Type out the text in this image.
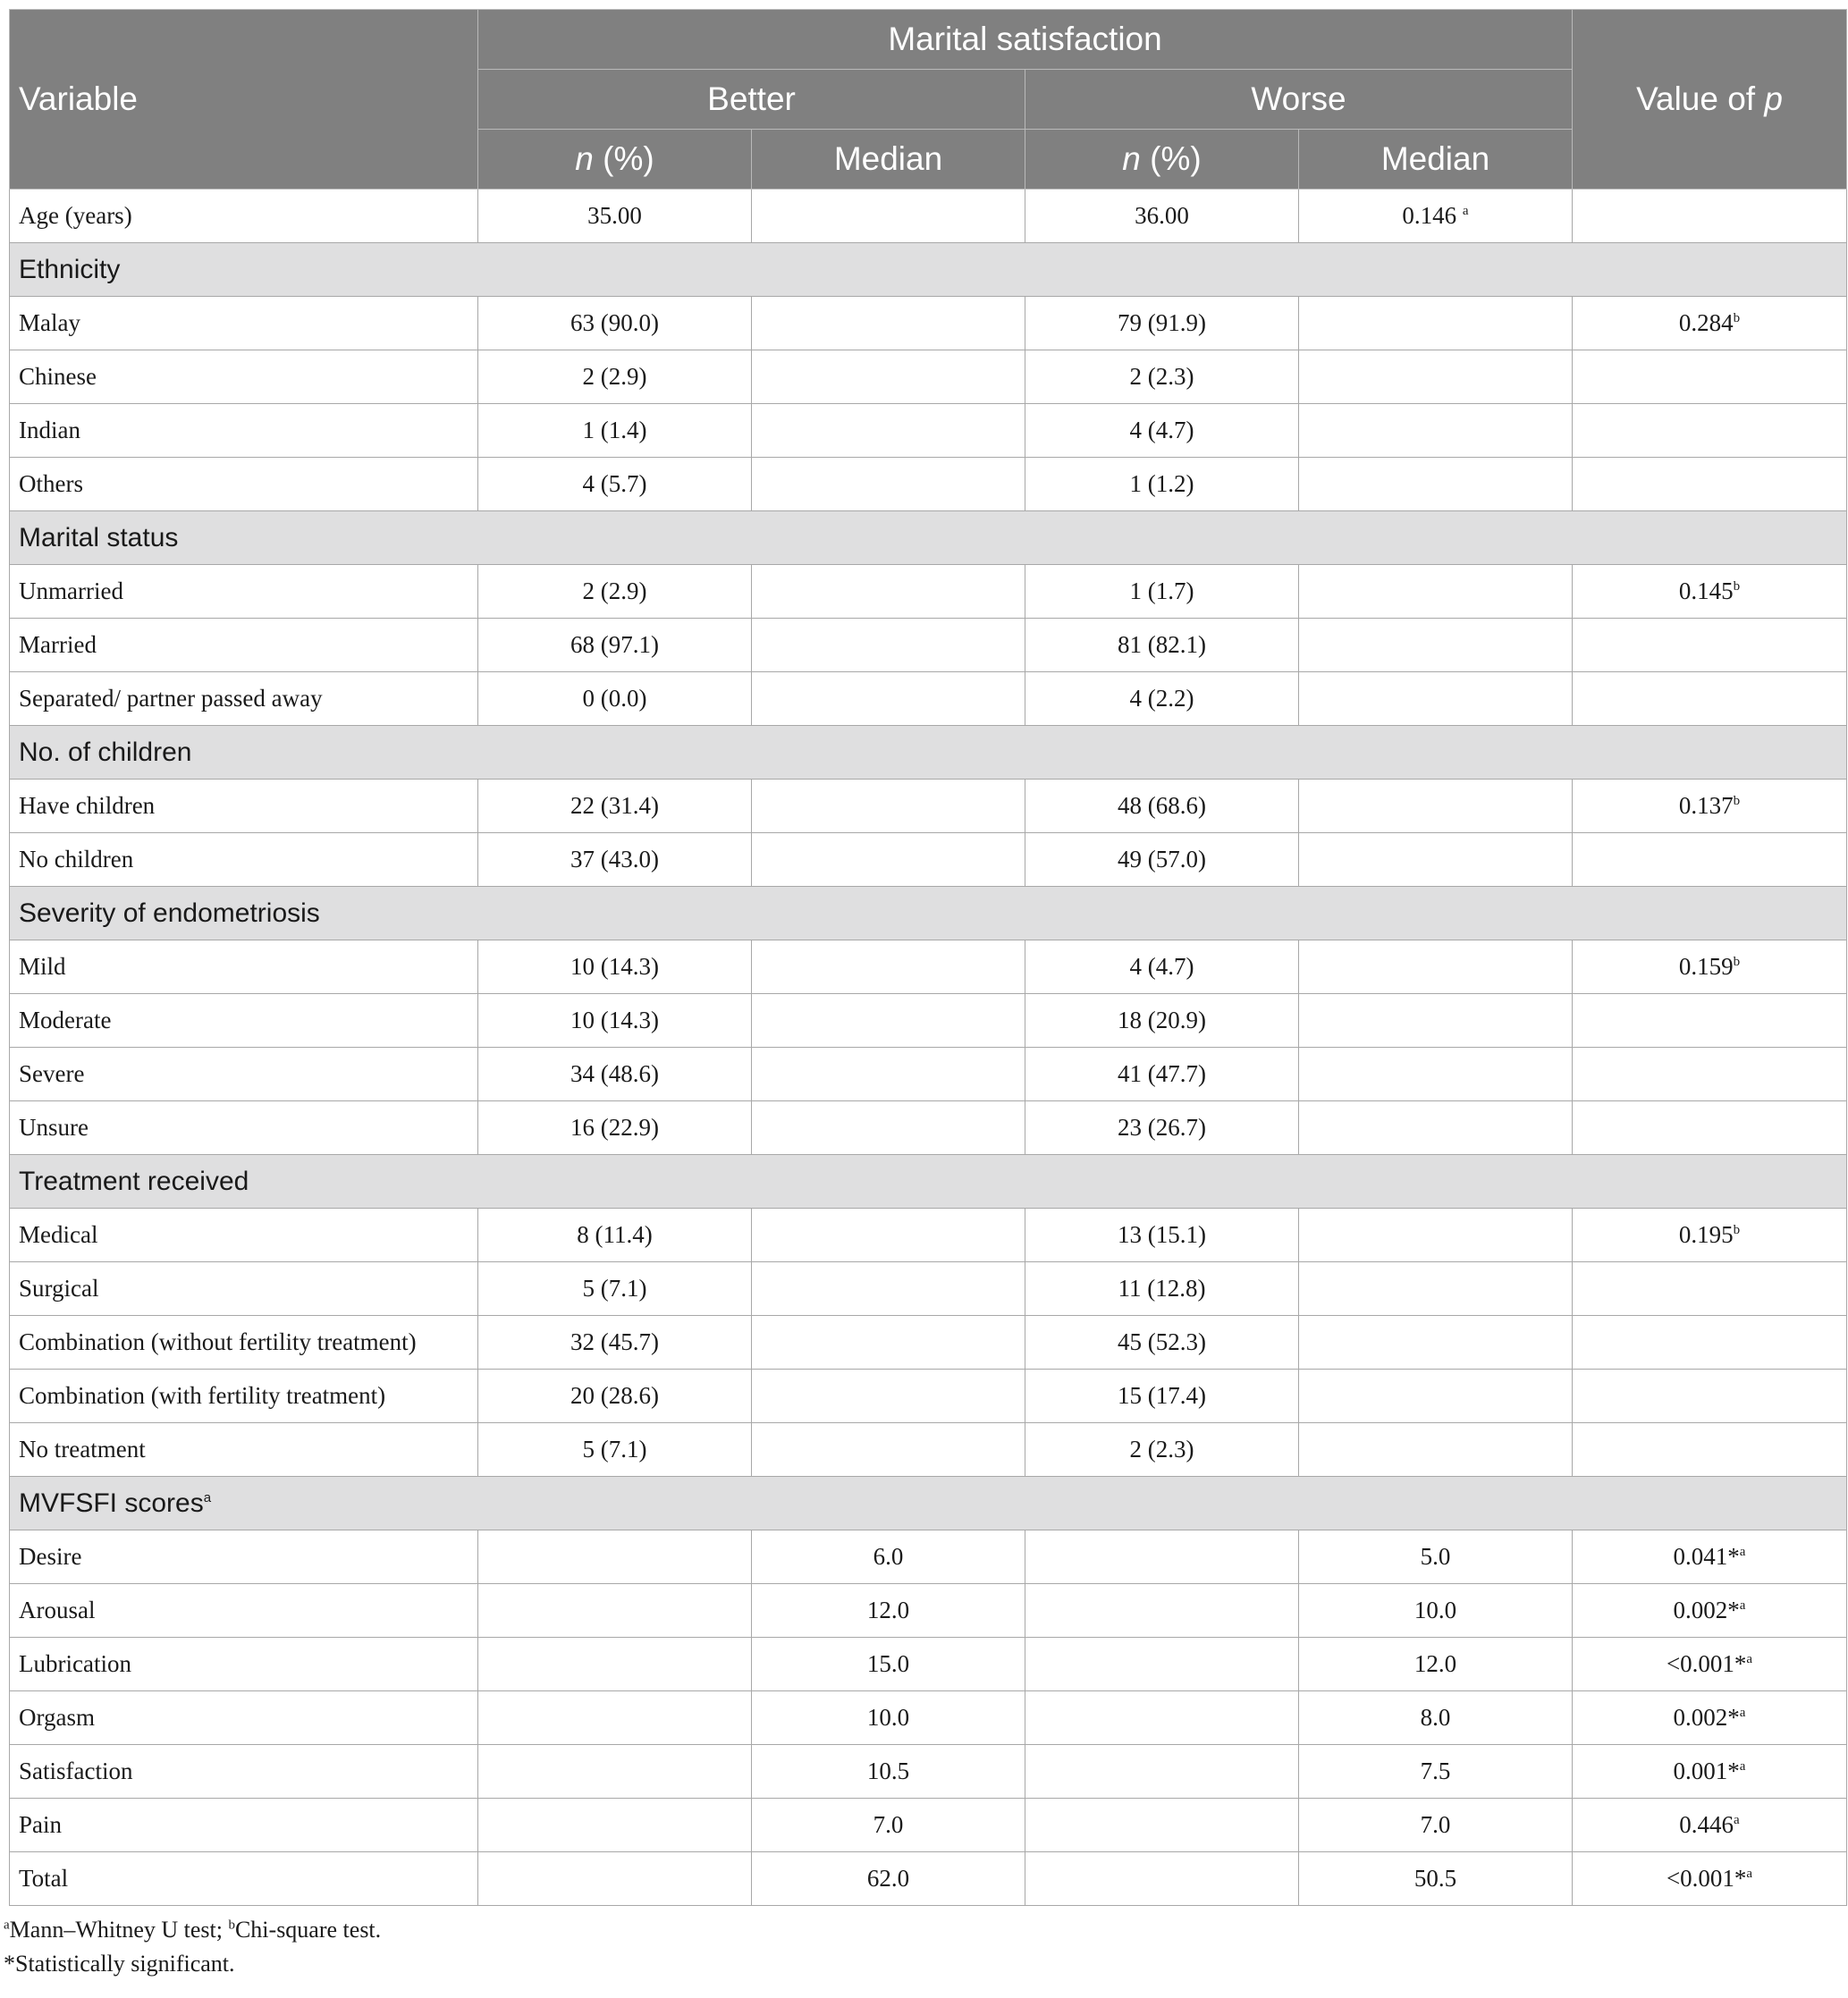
Variable	Marital satisfaction				Value of p
	Better		Worse		
	n (%)	Median	n (%)	Median	
Age (years)	35.00		36.00	0.146 $^a$	
Ethnicity					
Malay	63 (90.0)		79 (91.9)		0.284$^b$
Chinese	2 (2.9)		2 (2.3)		
Indian	1 (1.4)		4 (4.7)		
Others	4 (5.7)		1 (1.2)		
Marital status					
Unmarried	2 (2.9)		1 (1.7)		0.145$^b$
Married	68 (97.1)		81 (82.1)		
Separated/ partner passed away	0 (0.0)		4 (2.2)		
No. of children					
Have children	22 (31.4)		48 (68.6)		0.137$^b$
No children	37 (43.0)		49 (57.0)		
Severity of endometriosis					
Mild	10 (14.3)		4 (4.7)		0.159$^b$
Moderate	10 (14.3)		18 (20.9)		
Severe	34 (48.6)		41 (47.7)		
Unsure	16 (22.9)		23 (26.7)		
Treatment received					
Medical	8 (11.4)		13 (15.1)		0.195$^b$
Surgical	5 (7.1)		11 (12.8)		
Combination (without fertility treatment)	32 (45.7)		45 (52.3)		
Combination (with fertility treatment)	20 (28.6)		15 (17.4)		
No treatment	5 (7.1)		2 (2.3)		
MVFSFI scores$^a$
Desire		6.0		5.0	0.041*$^a$
Arousal		12.0		10.0	0.002*$^a$
Lubrication		15.0		12.0	<0.001*$^a$
Orgasm		10.0		8.0	0.002*$^a$
Satisfaction		10.5		7.5	0.001*$^a$
Pain		7.0		7.0	0.446$^a$
Total		62.0		50.5	<0.001*$^a$
$^a$Mann–Whitney U test; $^b$Chi-square test.
*Statistically significant.
